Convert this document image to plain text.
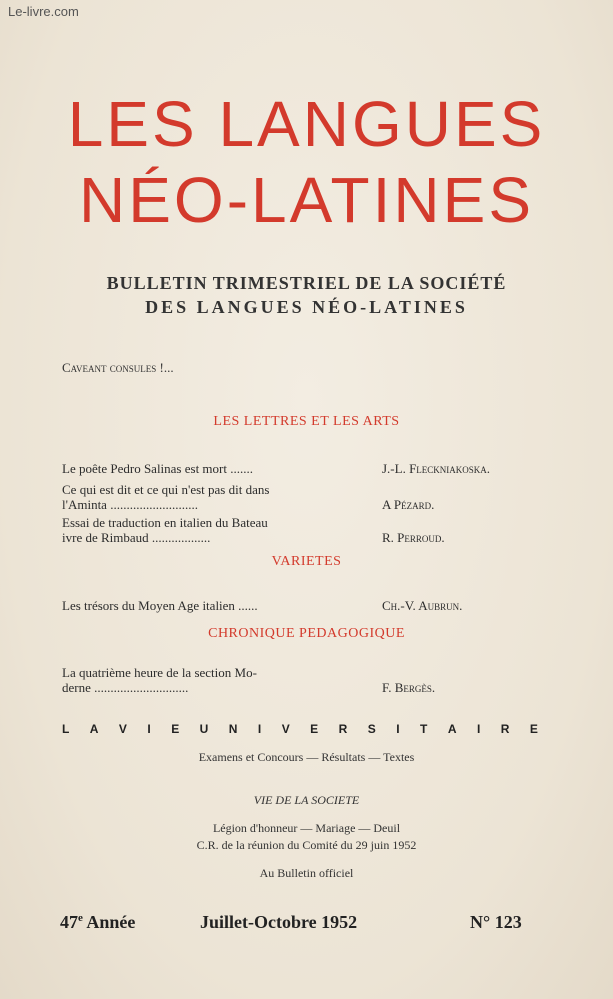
Le-livre.com
LES LANGUES
NÉO-LATINES
BULLETIN TRIMESTRIEL DE LA SOCIÉTÉ
DES LANGUES NÉO-LATINES
Caveant consules !...
LES LETTRES ET LES ARTS
Le poête Pedro Salinas est mort .......	J.-L. Fleckniakoska.
Ce qui est dit et ce qui n'est pas dit dans
l'Aminta ...........................	A Pézard.
Essai de traduction en italien du Bateau
ivre de Rimbaud ..................	R. Perroud.
VARIETES
Les trésors du Moyen Age italien ......	Ch.-V. Aubrun.
CHRONIQUE PEDAGOGIQUE
La quatrième heure de la section Mo-
derne .............................	F. Bergès.
L A V I E U N I V E R S I T A I R E
Examens et Concours — Résultats — Textes
VIE DE LA SOCIETE
Légion d'honneur — Mariage — Deuil
C.R. de la réunion du Comité du 29 juin 1952
Au Bulletin officiel
47e Année	Juillet-Octobre 1952	N° 123
